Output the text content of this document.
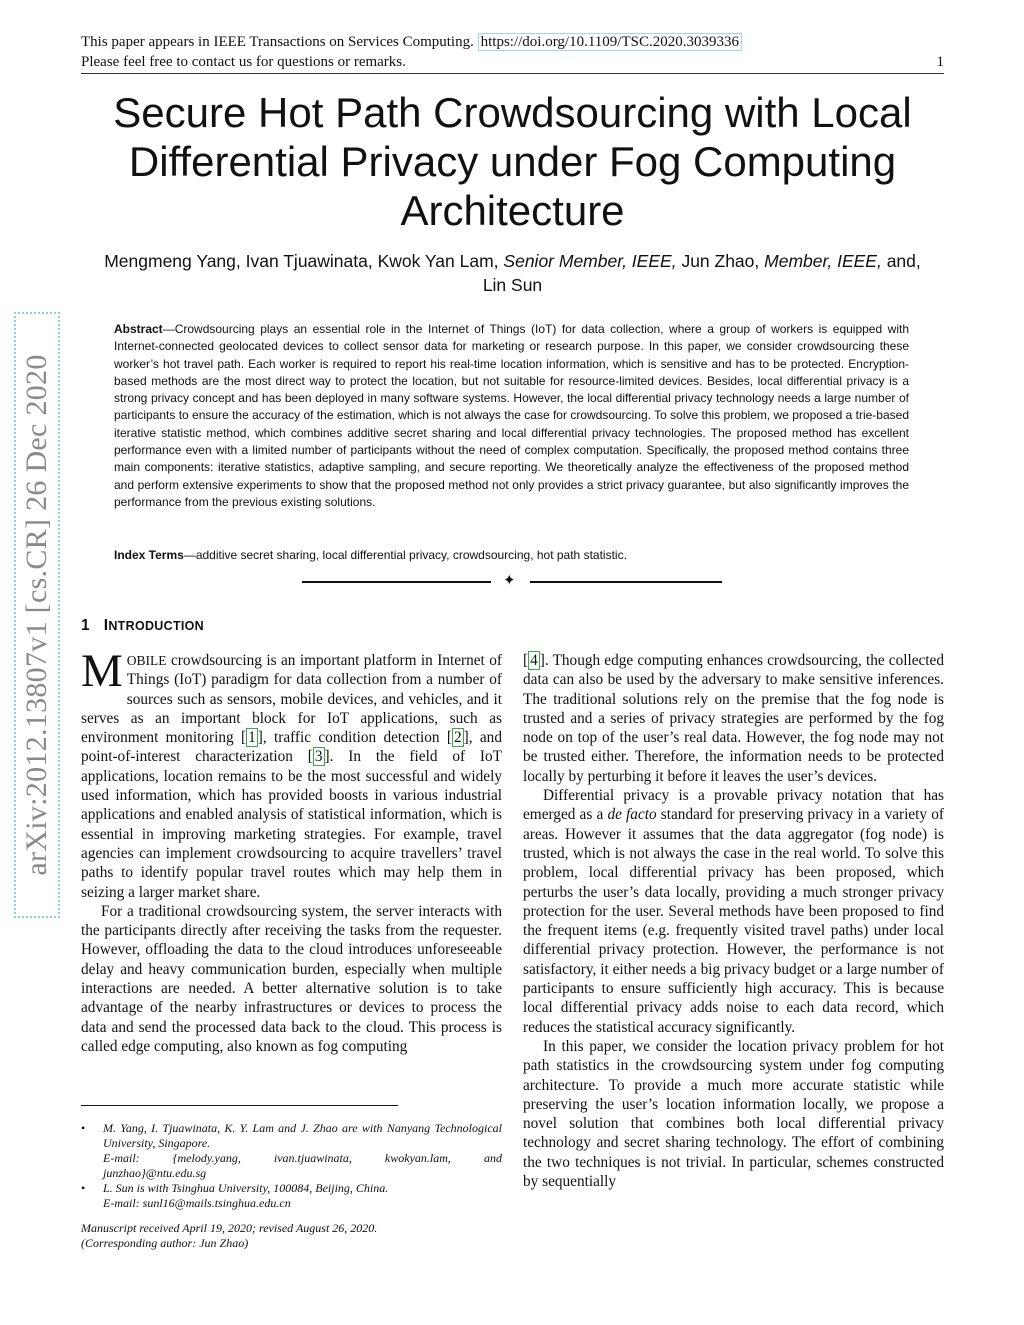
This paper appears in IEEE Transactions on Services Computing. https://doi.org/10.1109/TSC.2020.3039336
Please feel free to contact us for questions or remarks.	1
arXiv:2012.13807v1 [cs.CR] 26 Dec 2020
Secure Hot Path Crowdsourcing with Local
Differential Privacy under Fog Computing
Architecture
Mengmeng Yang, Ivan Tjuawinata, Kwok Yan Lam, Senior Member, IEEE, Jun Zhao, Member, IEEE, and,
Lin Sun
Abstract—Crowdsourcing plays an essential role in the Internet of Things (IoT) for data collection, where a group of workers is equipped with Internet-connected geolocated devices to collect sensor data for marketing or research purpose. In this paper, we consider crowdsourcing these worker’s hot travel path. Each worker is required to report his real-time location information, which is sensitive and has to be protected. Encryption-based methods are the most direct way to protect the location, but not suitable for resource-limited devices. Besides, local differential privacy is a strong privacy concept and has been deployed in many software systems. However, the local differential privacy technology needs a large number of participants to ensure the accuracy of the estimation, which is not always the case for crowdsourcing. To solve this problem, we proposed a trie-based iterative statistic method, which combines additive secret sharing and local differential privacy technologies. The proposed method has excellent performance even with a limited number of participants without the need of complex computation. Specifically, the proposed method contains three main components: iterative statistics, adaptive sampling, and secure reporting. We theoretically analyze the effectiveness of the proposed method and perform extensive experiments to show that the proposed method not only provides a strict privacy guarantee, but also significantly improves the performance from the previous existing solutions.
Index Terms—additive secret sharing, local differential privacy, crowdsourcing, hot path statistic.
✦
1 INTRODUCTION

MOBILE crowdsourcing is an important platform in Internet of Things (IoT) paradigm for data collection from a number of sources such as sensors, mobile devices, and vehicles, and it serves as an important block for IoT applications, such as environment monitoring [ 1 ], traffic condition detection [ 2 ], and point-of-interest characterization [ 3 ]. In the field of IoT applications, location remains to be the most successful and widely used information, which has provided boosts in various industrial applications and enabled analysis of statistical information, which is essential in improving marketing strategies. For example, travel agencies can implement crowdsourcing to acquire travellers’ travel paths to identify popular travel routes which may help them in seizing a larger market share.

For a traditional crowdsourcing system, the server interacts with the participants directly after receiving the tasks from the requester. However, offloading the data to the cloud introduces unforeseeable delay and heavy communication burden, especially when multiple interactions are needed. A better alternative solution is to take advantage of the nearby infrastructures or devices to process the data and send the processed data back to the cloud. This process is called edge computing, also known as fog computing

[ 4 ]. Though edge computing enhances crowdsourcing, the collected data can also be used by the adversary to make sensitive inferences. The traditional solutions rely on the premise that the fog node is trusted and a series of privacy strategies are performed by the fog node on top of the user’s real data. However, the fog node may not be trusted either. Therefore, the information needs to be protected locally by perturbing it before it leaves the user’s devices.

Differential privacy is a provable privacy notation that has emerged as a de facto standard for preserving privacy in a variety of areas. However it assumes that the data aggregator (fog node) is trusted, which is not always the case in the real world. To solve this problem, local differential privacy has been proposed, which perturbs the user’s data locally, providing a much stronger privacy protection for the user. Several methods have been proposed to find the frequent items (e.g. frequently visited travel paths) under local differential privacy protection. However, the performance is not satisfactory, it either needs a big privacy budget or a large number of participants to ensure sufficiently high accuracy. This is because local differential privacy adds noise to each data record, which reduces the statistical accuracy significantly.

In this paper, we consider the location privacy problem for hot path statistics in the crowdsourcing system under fog computing architecture. To provide a much more accurate statistic while preserving the user’s location information locally, we propose a novel solution that combines both local differential privacy technology and secret sharing technology. The effort of combining the two techniques is not trivial. In particular, schemes constructed by sequentially

•	M. Yang, I. Tjuawinata, K. Y. Lam and J. Zhao are with Nanyang Technological University, Singapore.
E-mail:	{melody.yang,	ivan.tjuawinata,	kwokyan.lam,	and
junzhao}@ntu.edu.sg
•	L. Sun is with Tsinghua University, 100084, Beijing, China.
E-mail: sunl16@mails.tsinghua.edu.cn
Manuscript received April 19, 2020; revised August 26, 2020.
(Corresponding author: Jun Zhao)
